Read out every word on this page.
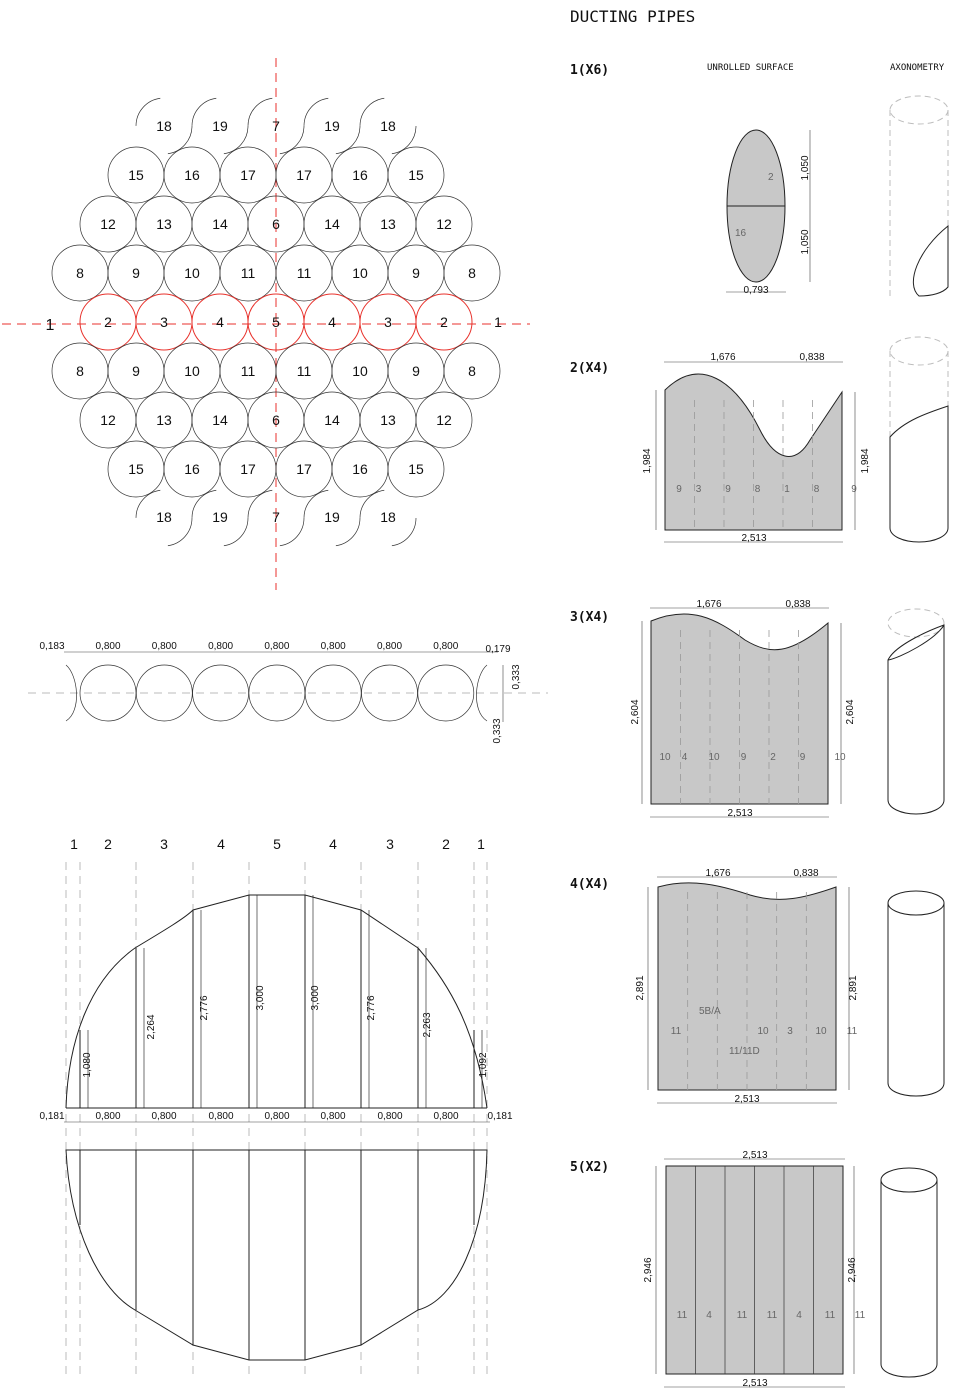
DUCTING PIPES
UNROLLED SURFACE	AXONOMETRY
15	16	17	17	16	15
12	13	14	6	14	13	12
8	9	10	11	11	10	9	8
2	3	4	5	4	3	2
8	9	10	11	11	10	9	8
12	13	14	6	14	13	12
15	16	17	17	16	15
18	19	7	19	18
18	19	7	19	18
1	1
0,183	0,800	0,800	0,800	0,800	0,800	0,800	0,800	0,179
0,333
0,333
1 2	3	4	5	4	3	2 1
1,080
2,264
2,776	3,000	3,000	2,776
2,263
1,092
0,181	0,800	0,800	0,800	0,800	0,800	0,800	0,800	0,181
1(X6)
2
16
1,050
1,050
0,793
2(X4)
9 3 9 8 1 8	9
1,676	0,838
1,984	1,984
2,513
3(X4)
10 4 10 9 2 9	10
1,676	0,838
2,604	2,604
2,513
4(X4)
11
5B/A
11/11D
10 3 10 11
1,676	0,838
2,891	2,891
2,513
5(X2)
11 4	11 11 4 11 11
2,513
2,946	2,946
2,513
